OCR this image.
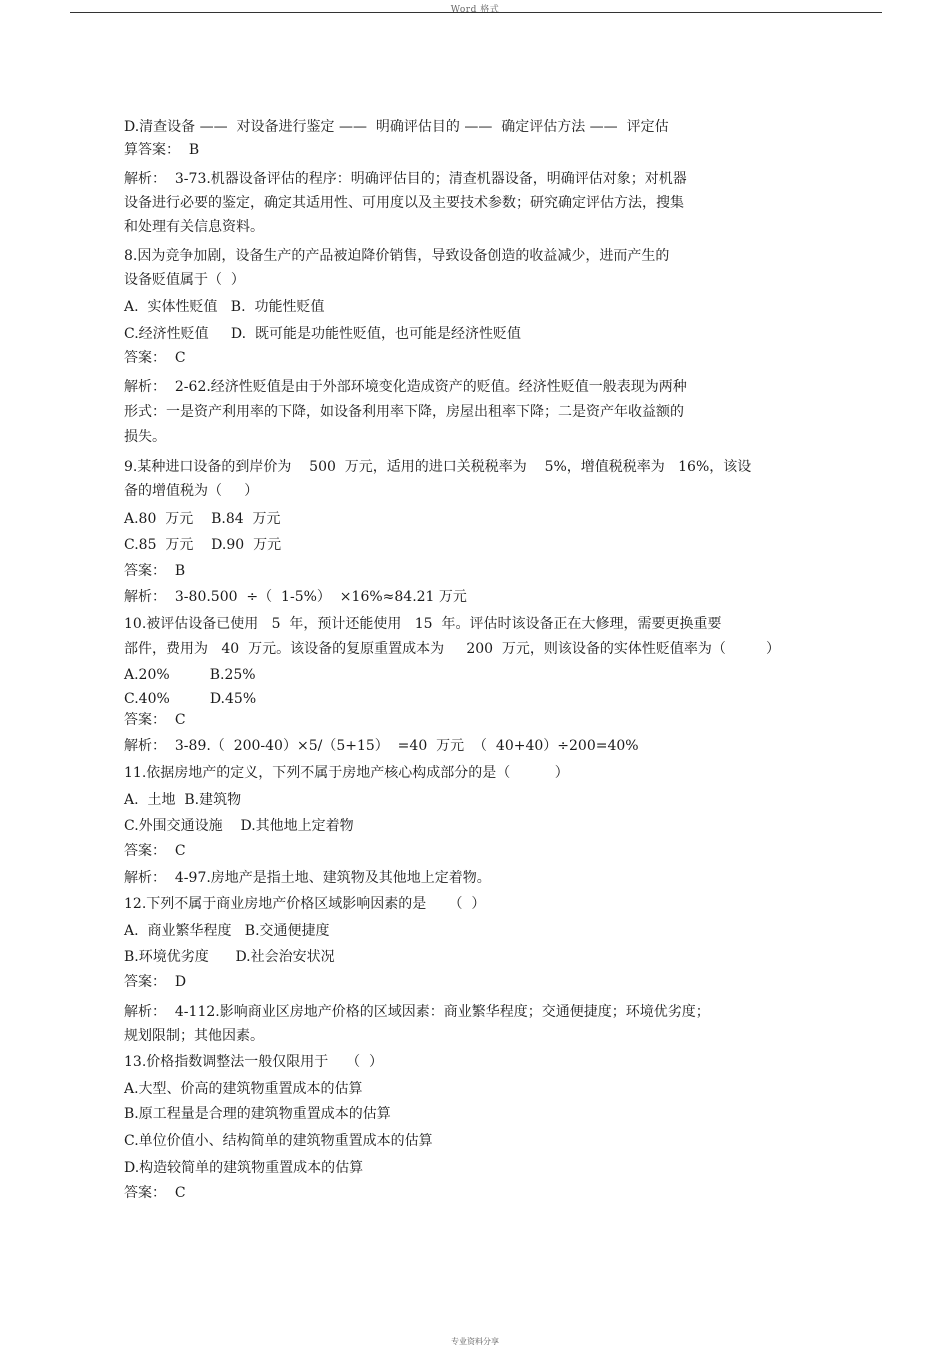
Word 格式
D.清查设备 ——  对设备进行鉴定 ——  明确评估目的 ——  确定评估方法 ——  评定估
算答案：  B
解析：  3-73.机器设备评估的程序：明确评估目的；清查机器设备，明确评估对象；对机器
设备进行必要的鉴定，确定其适用性、可用度以及主要技术参数；研究确定评估方法，搜集
和处理有关信息资料。
8.因为竞争加剧，设备生产的产品被迫降价销售，导致设备创造的收益减少，进而产生的
设备贬值属于（  ）
A.  实体性贬值   B.  功能性贬值
C.经济性贬值     D.  既可能是功能性贬值，也可能是经济性贬值
答案：  C
解析：  2-62.经济性贬值是由于外部环境变化造成资产的贬值。经济性贬值一般表现为两种
形式：一是资产利用率的下降，如设备利用率下降，房屋出租率下降；二是资产年收益额的
损失。
9.某种进口设备的到岸价为    500  万元，适用的进口关税税率为    5%，增值税税率为   16%，该设
备的增值税为（     ）
A.80  万元    B.84  万元
C.85  万元    D.90  万元
答案：  B
解析：  3-80.500  ÷（  1-5%）  ×16%≈84.21 万元
10.被评估设备已使用   5  年，预计还能使用   15  年。评估时该设备正在大修理，需要更换重要
部件，费用为   40  万元。该设备的复原重置成本为     200  万元，则该设备的实体性贬值率为（         ）
A.20%         B.25%
C.40%         D.45%
答案：  C
解析：  3-89.（  200-40）×5/（5+15）  =40  万元  （  40+40）÷200=40%
11.依据房地产的定义，下列不属于房地产核心构成部分的是（          ）
A.  土地  B.建筑物
C.外围交通设施    D.其他地上定着物
答案：  C
解析：  4-97.房地产是指土地、建筑物及其他地上定着物。
12.下列不属于商业房地产价格区域影响因素的是     （  ）
A.  商业繁华程度   B.交通便捷度
B.环境优劣度      D.社会治安状况
答案：  D
解析：  4-112.影响商业区房地产价格的区域因素：商业繁华程度；交通便捷度；环境优劣度；
规划限制；其他因素。
13.价格指数调整法一般仅限用于    （  ）
A.大型、价高的建筑物重置成本的估算
B.原工程量是合理的建筑物重置成本的估算
C.单位价值小、结构简单的建筑物重置成本的估算
D.构造较简单的建筑物重置成本的估算
答案：  C
专业资料分享
